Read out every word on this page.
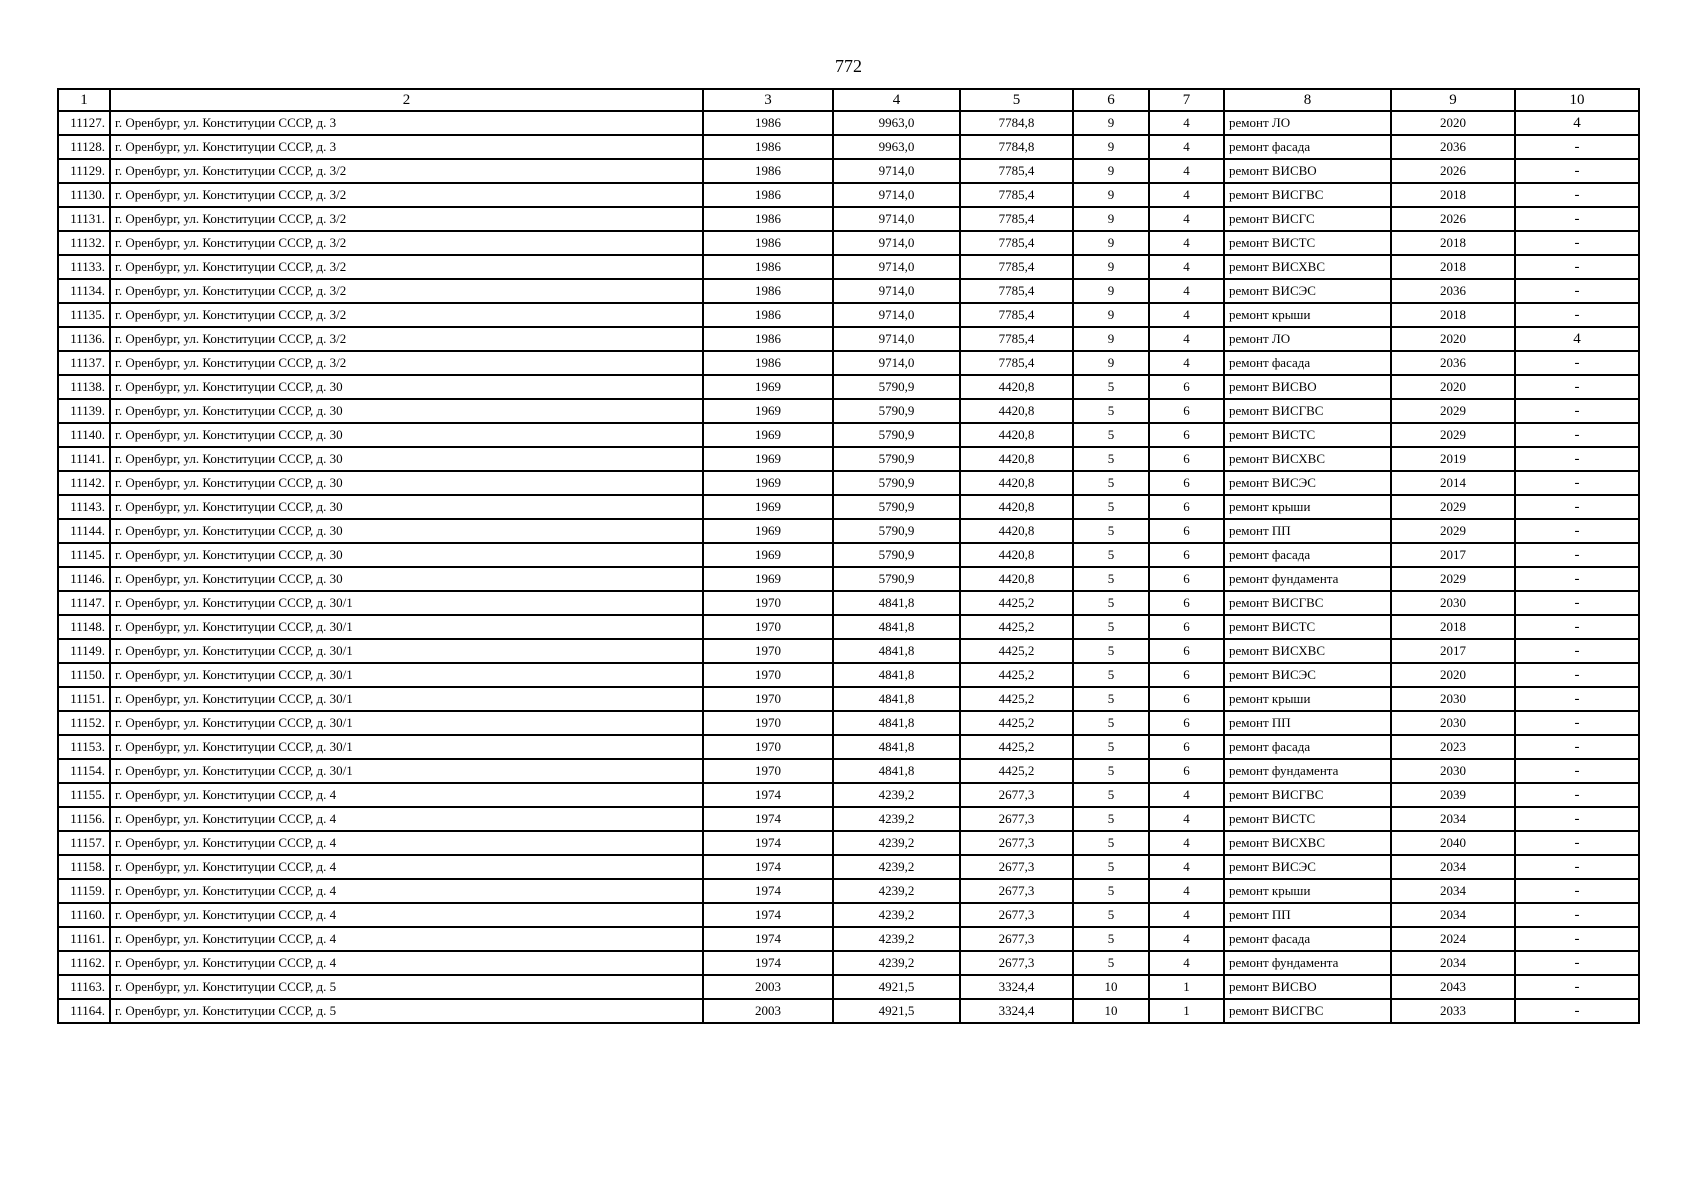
772
1	2	3	4	5	6	7	8	9	10
11127.	г. Оренбург, ул. Конституции СССР, д. 3	1986	9963,0	7784,8	9	4	ремонт ЛО	2020	4
11128.	г. Оренбург, ул. Конституции СССР, д. 3	1986	9963,0	7784,8	9	4	ремонт фасада	2036	-
11129.	г. Оренбург, ул. Конституции СССР, д. 3/2	1986	9714,0	7785,4	9	4	ремонт ВИСВО	2026	-
11130.	г. Оренбург, ул. Конституции СССР, д. 3/2	1986	9714,0	7785,4	9	4	ремонт ВИСГВС	2018	-
11131.	г. Оренбург, ул. Конституции СССР, д. 3/2	1986	9714,0	7785,4	9	4	ремонт ВИСГС	2026	-
11132.	г. Оренбург, ул. Конституции СССР, д. 3/2	1986	9714,0	7785,4	9	4	ремонт ВИСТС	2018	-
11133.	г. Оренбург, ул. Конституции СССР, д. 3/2	1986	9714,0	7785,4	9	4	ремонт ВИСХВС	2018	-
11134.	г. Оренбург, ул. Конституции СССР, д. 3/2	1986	9714,0	7785,4	9	4	ремонт ВИСЭС	2036	-
11135.	г. Оренбург, ул. Конституции СССР, д. 3/2	1986	9714,0	7785,4	9	4	ремонт крыши	2018	-
11136.	г. Оренбург, ул. Конституции СССР, д. 3/2	1986	9714,0	7785,4	9	4	ремонт ЛО	2020	4
11137.	г. Оренбург, ул. Конституции СССР, д. 3/2	1986	9714,0	7785,4	9	4	ремонт фасада	2036	-
11138.	г. Оренбург, ул. Конституции СССР, д. 30	1969	5790,9	4420,8	5	6	ремонт ВИСВО	2020	-
11139.	г. Оренбург, ул. Конституции СССР, д. 30	1969	5790,9	4420,8	5	6	ремонт ВИСГВС	2029	-
11140.	г. Оренбург, ул. Конституции СССР, д. 30	1969	5790,9	4420,8	5	6	ремонт ВИСТС	2029	-
11141.	г. Оренбург, ул. Конституции СССР, д. 30	1969	5790,9	4420,8	5	6	ремонт ВИСХВС	2019	-
11142.	г. Оренбург, ул. Конституции СССР, д. 30	1969	5790,9	4420,8	5	6	ремонт ВИСЭС	2014	-
11143.	г. Оренбург, ул. Конституции СССР, д. 30	1969	5790,9	4420,8	5	6	ремонт крыши	2029	-
11144.	г. Оренбург, ул. Конституции СССР, д. 30	1969	5790,9	4420,8	5	6	ремонт ПП	2029	-
11145.	г. Оренбург, ул. Конституции СССР, д. 30	1969	5790,9	4420,8	5	6	ремонт фасада	2017	-
11146.	г. Оренбург, ул. Конституции СССР, д. 30	1969	5790,9	4420,8	5	6	ремонт фундамента	2029	-
11147.	г. Оренбург, ул. Конституции СССР, д. 30/1	1970	4841,8	4425,2	5	6	ремонт ВИСГВС	2030	-
11148.	г. Оренбург, ул. Конституции СССР, д. 30/1	1970	4841,8	4425,2	5	6	ремонт ВИСТС	2018	-
11149.	г. Оренбург, ул. Конституции СССР, д. 30/1	1970	4841,8	4425,2	5	6	ремонт ВИСХВС	2017	-
11150.	г. Оренбург, ул. Конституции СССР, д. 30/1	1970	4841,8	4425,2	5	6	ремонт ВИСЭС	2020	-
11151.	г. Оренбург, ул. Конституции СССР, д. 30/1	1970	4841,8	4425,2	5	6	ремонт крыши	2030	-
11152.	г. Оренбург, ул. Конституции СССР, д. 30/1	1970	4841,8	4425,2	5	6	ремонт ПП	2030	-
11153.	г. Оренбург, ул. Конституции СССР, д. 30/1	1970	4841,8	4425,2	5	6	ремонт фасада	2023	-
11154.	г. Оренбург, ул. Конституции СССР, д. 30/1	1970	4841,8	4425,2	5	6	ремонт фундамента	2030	-
11155.	г. Оренбург, ул. Конституции СССР, д. 4	1974	4239,2	2677,3	5	4	ремонт ВИСГВС	2039	-
11156.	г. Оренбург, ул. Конституции СССР, д. 4	1974	4239,2	2677,3	5	4	ремонт ВИСТС	2034	-
11157.	г. Оренбург, ул. Конституции СССР, д. 4	1974	4239,2	2677,3	5	4	ремонт ВИСХВС	2040	-
11158.	г. Оренбург, ул. Конституции СССР, д. 4	1974	4239,2	2677,3	5	4	ремонт ВИСЭС	2034	-
11159.	г. Оренбург, ул. Конституции СССР, д. 4	1974	4239,2	2677,3	5	4	ремонт крыши	2034	-
11160.	г. Оренбург, ул. Конституции СССР, д. 4	1974	4239,2	2677,3	5	4	ремонт ПП	2034	-
11161.	г. Оренбург, ул. Конституции СССР, д. 4	1974	4239,2	2677,3	5	4	ремонт фасада	2024	-
11162.	г. Оренбург, ул. Конституции СССР, д. 4	1974	4239,2	2677,3	5	4	ремонт фундамента	2034	-
11163.	г. Оренбург, ул. Конституции СССР, д. 5	2003	4921,5	3324,4	10	1	ремонт ВИСВО	2043	-
11164.	г. Оренбург, ул. Конституции СССР, д. 5	2003	4921,5	3324,4	10	1	ремонт ВИСГВС	2033	-
